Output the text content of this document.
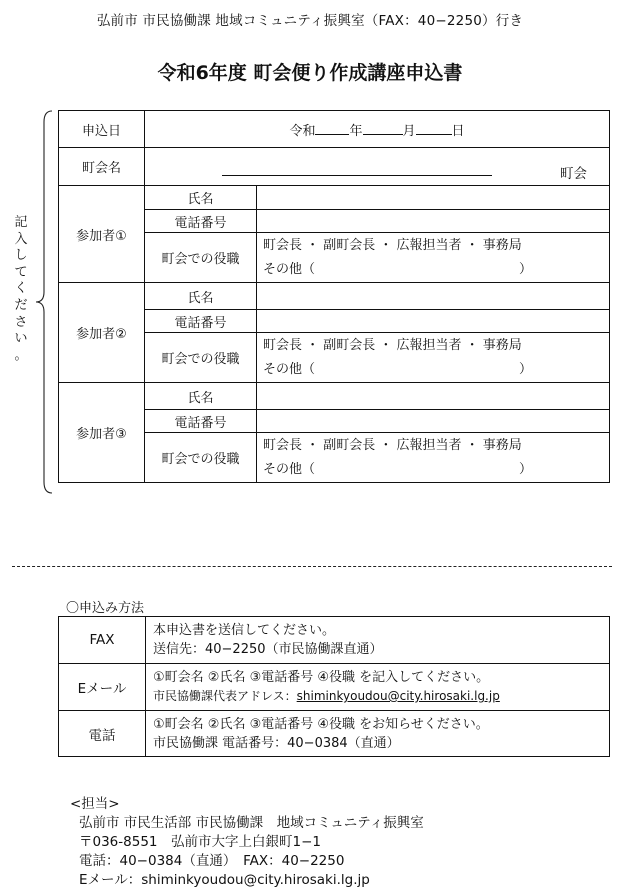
弘前市 市民協働課 地域コミュニティ振興室（FAX：40−2250）行き
令和6年度 町会便り作成講座申込書
記
入
し
て
く
だ
さ
い
。
申込日	令和 年 月 日	
町会名	町会	

参加者①	氏名	
	電話番号	
	町会での役職	町会長 ・ 副町会長 ・ 広報担当者 ・ 事務局
その他（ ）

参加者②	氏名	
	電話番号	
	町会での役職	町会長 ・ 副町会長 ・ 広報担当者 ・ 事務局
その他（ ）

参加者③	氏名	
	電話番号	
	町会での役職	町会長 ・ 副町会長 ・ 広報担当者 ・ 事務局
その他（ ）
〇申込み方法
FAX	本申込書を送信してください。
送信先：40−2250（市民協働課直通）

Eメール	①町会名 ②氏名 ③電話番号 ④役職 を記入してください。
市民協働課代表アドレス：shiminkyoudou@city.hirosaki.lg.jp

電話	①町会名 ②氏名 ③電話番号 ④役職 をお知らせください。
市民協働課 電話番号：40−0384（直通）
<担当>
弘前市 市民生活部 市民協働課　地域コミュニティ振興室
〒036-8551　弘前市大字上白銀町1−1
電話：40−0384（直通）　FAX：40−2250
Eメール：shiminkyoudou@city.hirosaki.lg.jp
